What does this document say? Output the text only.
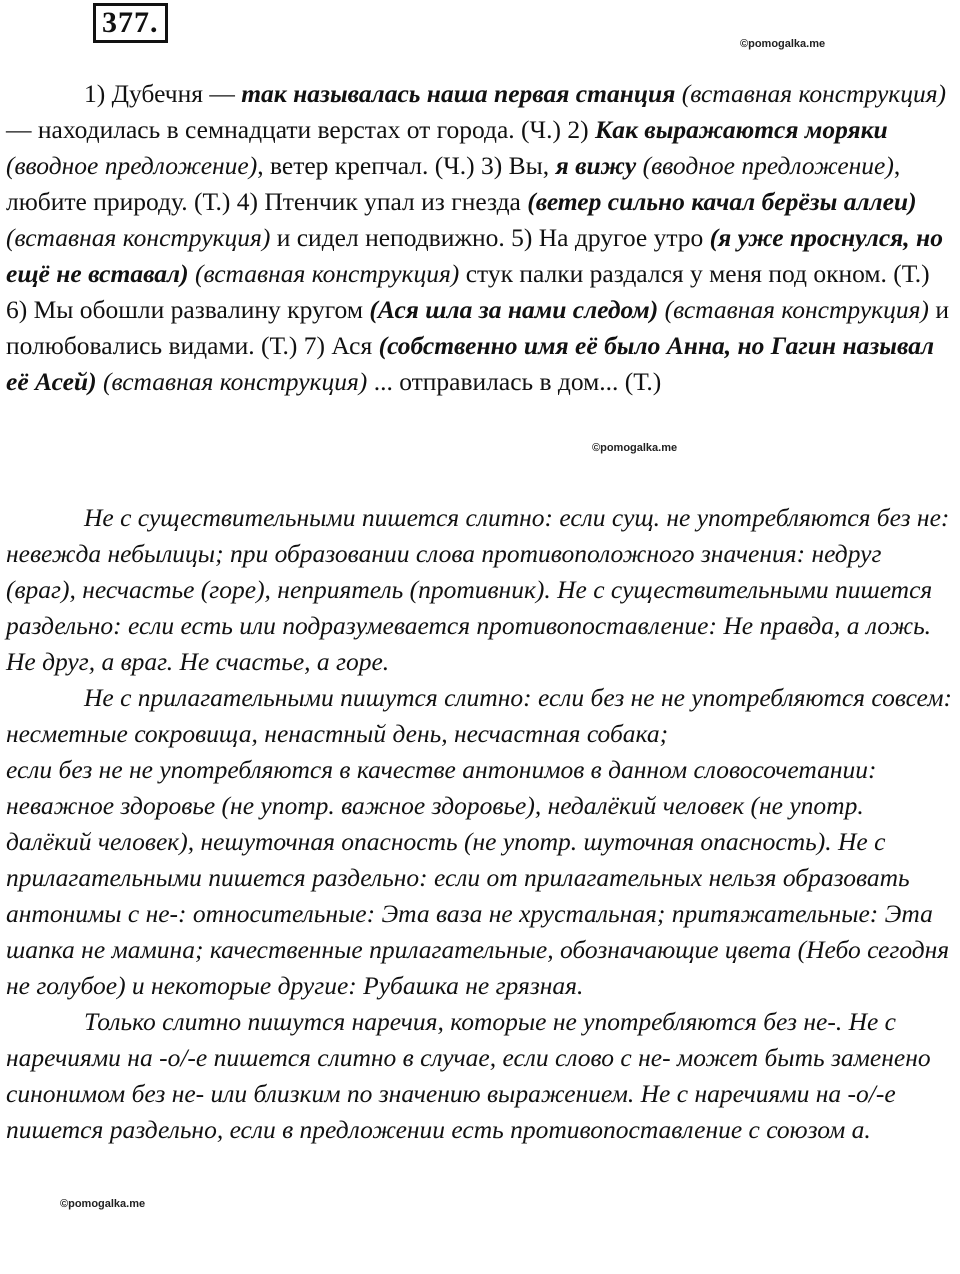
377.
©pomogalka.me
©pomogalka.me
©pomogalka.me

1) Дубечня — так называлась наша первая станция (вставная конструкция) — находилась в семнадцати верстах от города. (Ч.) 2) Как выражаются моряки (вводное предложение), ветер крепчал. (Ч.) 3) Вы, я вижу (вводное предложение), любите природу. (Т.) 4) Птенчик упал из гнезда (ветер сильно качал берёзы аллеи) (вставная конструкция) и сидел неподвижно. 5) На другое утро (я уже проснулся, но ещё не вставал) (вставная конструкция) стук палки раздался у меня под окном. (Т.) 6) Мы обошли развалину кругом (Ася шла за нами следом) (вставная конструкция) и полюбовались видами. (Т.) 7) Ася (собственно имя её было Анна, но Гагин называл её Асей) (вставная конструкция) ... отправилась в дом... (Т.)

Не с существительными пишется слитно: если сущ. не употребляются без не: невежда небылицы; при образовании слова противоположного значения: недруг (враг), несчастье (горе), неприятель (противник). Не с существительными пишется раздельно: если есть или подразумевается противопоставление: Не правда, а ложь. Не друг, а враг. Не счастье, а горе.
Не с прилагательными пишутся слитно: если без не не употребляются совсем: несметные сокровища, ненастный день, несчастная собака;
если без не не употребляются в качестве антонимов в данном словосочетании: неважное здоровье (не употр. важное здоровье), недалёкий человек (не употр. далёкий человек), нешуточная опасность (не употр. шуточная опасность). Не с прилагательными пишется раздельно: если от прилагательных нельзя образовать антонимы с не-: относительные: Эта ваза не хрустальная; притяжательные: Эта шапка не мамина; качественные прилагательные, обозначающие цвета (Небо сегодня не голубое) и некоторые другие: Рубашка не грязная.
Только слитно пишутся наречия, которые не употребляются без не-. Не с наречиями на -о/-е пишется слитно в случае, если слово с не- может быть заменено синонимом без не- или близким по значению выражением. Не с наречиями на -о/-е пишется раздельно, если в предложении есть противопоставление с союзом а.
